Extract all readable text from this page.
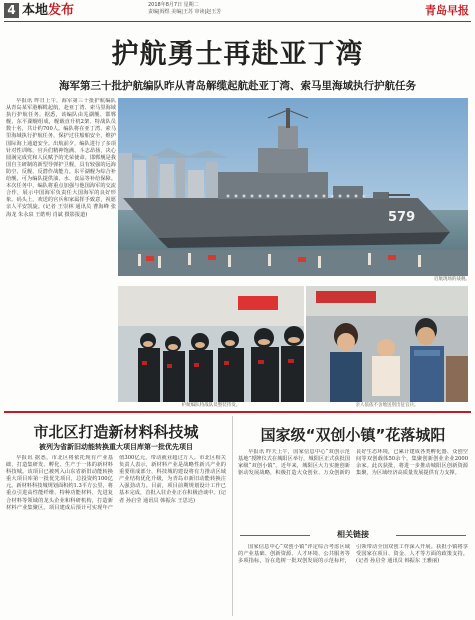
4 本地发布	2018年8月7日 星期二
责编|阎煜 美编|王苏 审读|赵玉芳	青岛早报
护航勇士再赴亚丁湾
海军第三十批护航编队昨从青岛解缆起航赴亚丁湾、索马里海域执行护航任务
早报讯 昨日上午，海军第三十批护航编队从青岛某军港解缆起航，赴亚丁湾、索马里海域执行护航任务。据悉，该编队由芜湖舰、邯郸舰、东平湖舰组成，舰载直升机2架、特战队员数十名，共计约700人。编队将在亚丁湾、索马里海域执行护航任务，保护过往船舶安全，维护国际海上通道安全。出航前夕，编队进行了多项针对性训练，官兵们精神饱满、斗志昂扬，决心圆满完成党和人民赋予的光荣使命。邯郸舰是我国自主研制的新型导弹护卫舰，具有较强的远海防空、反舰、反潜作战能力。东平湖舰为综合补给舰，可为编队提供油、水、食品等补给保障。本次任务中，编队将重点加强与他国海军的交流合作，展示中国海军负责任大国海军的良好形象。码头上，欢送的官兵和家属挥手致意，祝愿亲人平安凯旋。(记者 王崇林 通讯员 曹海峰 张海龙 朱永泉 王皓明 肖斌 摄影报道)	579
启航现场的战舰。
护航编队特战队员整装待发。	亲人依依不舍地送别出征官兵。
市北区打造新材料科技城
被列为省新旧动能转换重大项目库第一批优先项目
早报讯 据悉，市北区将依托现有产业基础，打造集研发、孵化、生产于一体的新材料科技城。该项目已被列入山东省新旧动能转换重大项目库第一批优先项目，总投资约100亿元。新材料科技城规划面积约1.3平方公里，将重点引进高性能纤维、特种功能材料、先进复合材料等领域的龙头企业和科研机构，打造新材料产业集聚区。项目建成后预计可实现年产值300亿元，带动就业超过万人。市北区相关负责人表示，新材料产业是战略性新兴产业的重要组成部分，科技城的建设将有力推动区域产业结构优化升级，为青岛市新旧动能转换注入强劲动力。目前，项目前期规划设计工作已基本完成，首批入驻企业正在积极洽谈中。(记者 孙启莹 通讯员 韩振东 王思达)
国家级“双创小镇”花落城阳
早报讯 昨天上午，国家信息中心“双创示范基地”授牌仪式在城阳区举行，城阳区正式获批国家级“双创小镇”。近年来，城阳区大力实施创新驱动发展战略，积极打造大众创业、万众创新的良好生态环境，已累计建成各类孵化器、众创空间等双创载体50余个，集聚创新创业企业2000余家。此次获批，将进一步推动城阳区创新资源集聚，为区域经济高质量发展提供有力支撑。
相关链接
国家信息中心“双创小镇”评定综合考虑区域的产业基础、创新资源、人才环境、公共服务等多项指标，旨在选树一批双创发展的示范标杆，引领带动全国双创工作深入开展。获批小镇将享受国家在项目、资金、人才等方面的政策支持。(记者 孙启莹 通讯员 韩振东 王雅丽)
